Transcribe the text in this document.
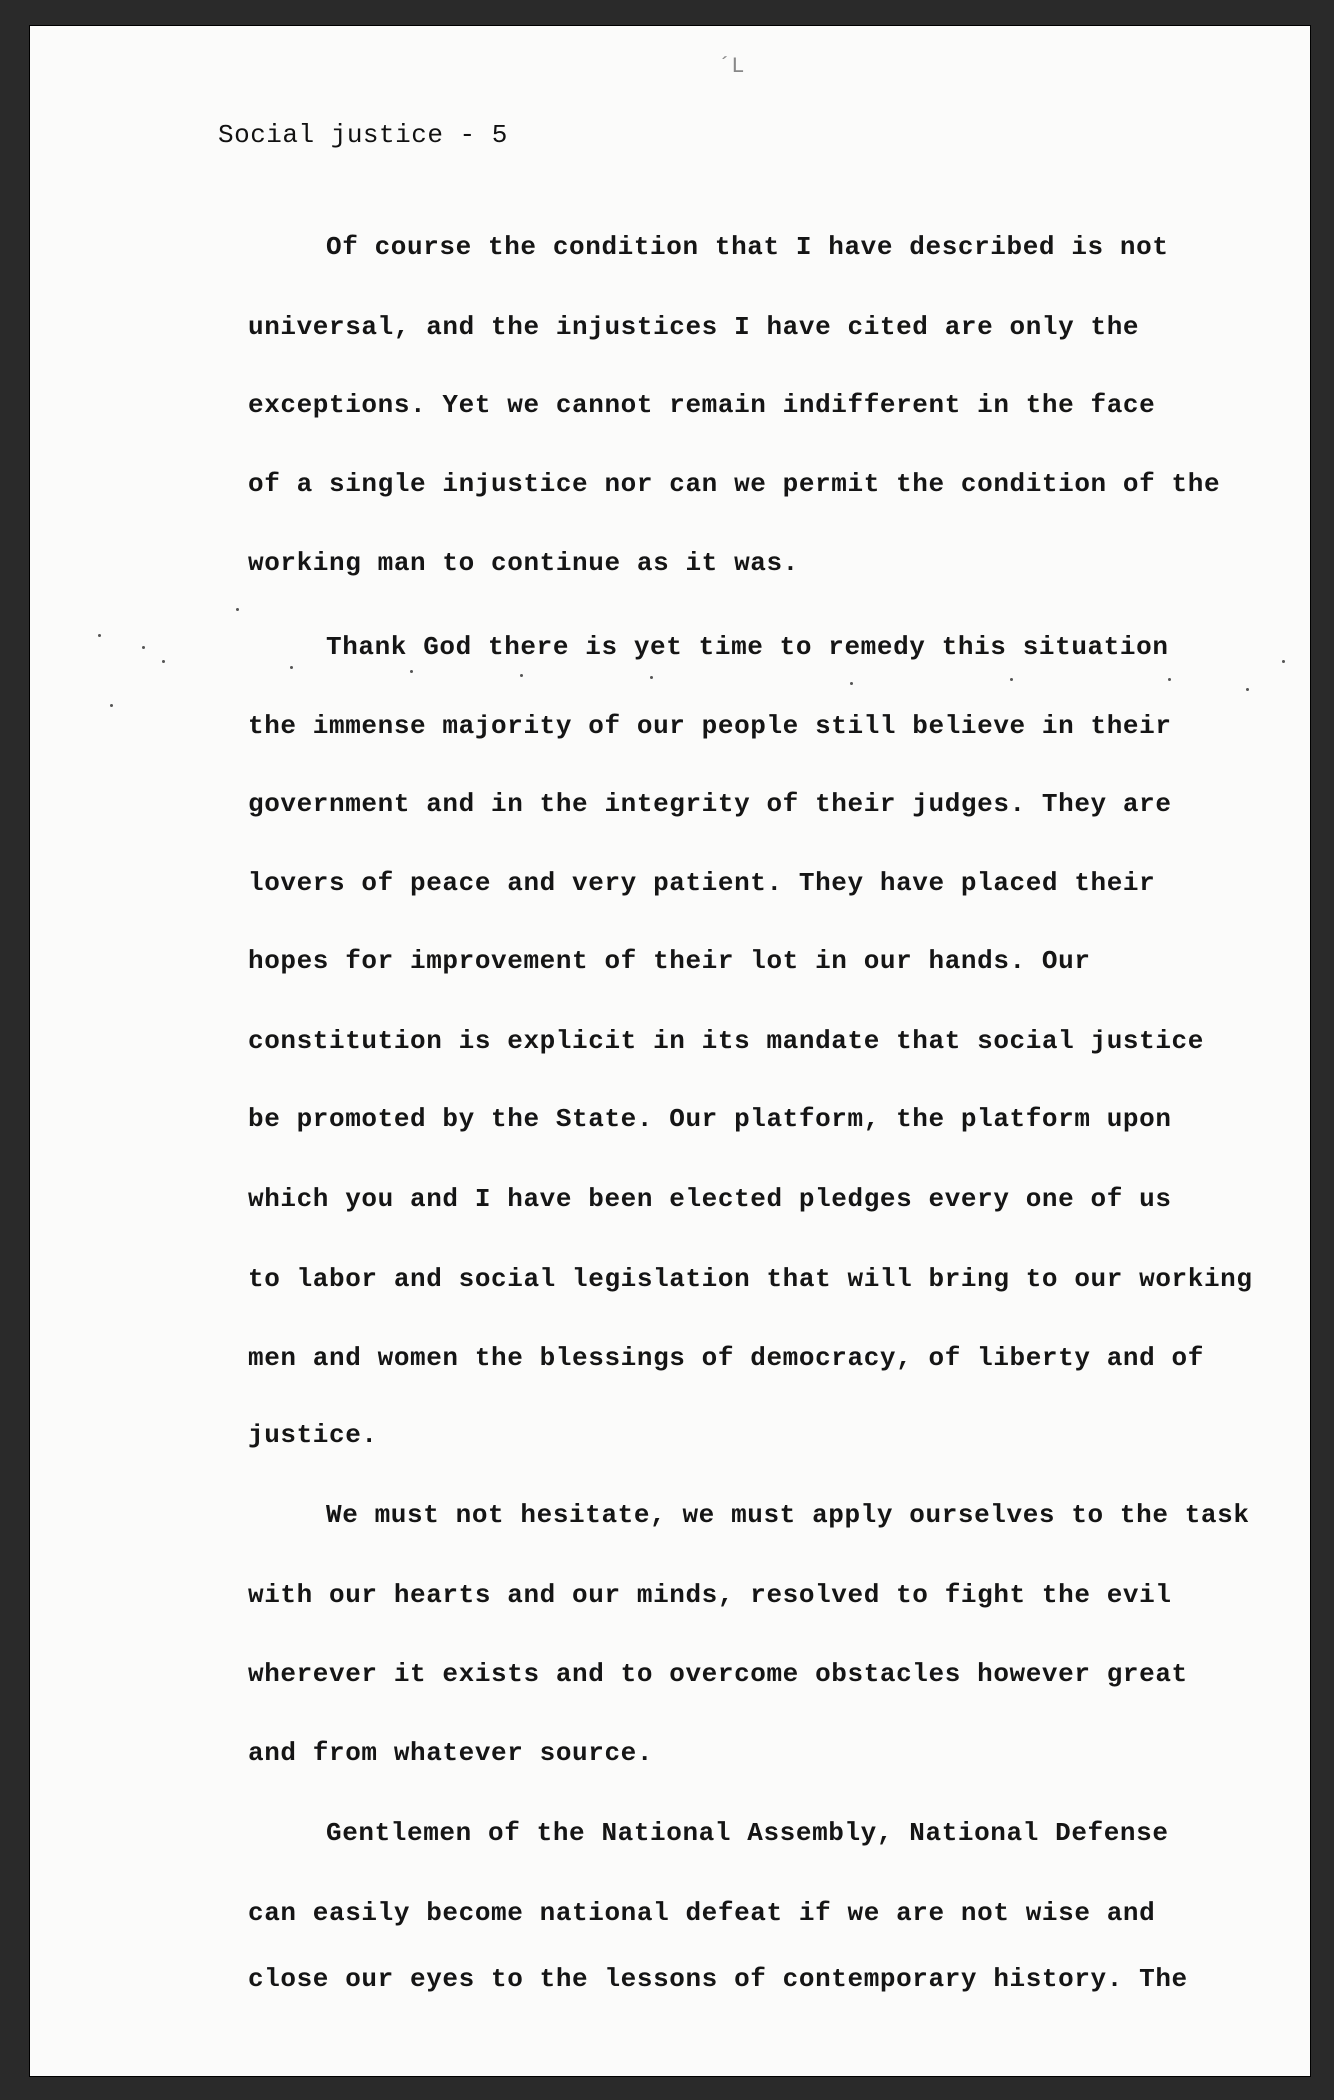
´L
Social justice - 5
Of course the condition that I have described is not
universal, and the injustices I have cited are only the
exceptions. Yet we cannot remain indifferent in the face
of a single injustice nor can we permit the condition of the
working man to continue as it was.
Thank God there is yet time to remedy this situation
the immense majority of our people still believe in their
government and in the integrity of their judges. They are
lovers of peace and very patient. They have placed their
hopes for improvement of their lot in our hands. Our
constitution is explicit in its mandate that social justice
be promoted by the State. Our platform, the platform upon
which you and I have been elected pledges every one of us
to labor and social legislation that will bring to our working
men and women the blessings of democracy, of liberty and of
justice.
We must not hesitate, we must apply ourselves to the task
with our hearts and our minds, resolved to fight the evil
wherever it exists and to overcome obstacles however great
and from whatever source.
Gentlemen of the National Assembly, National Defense
can easily become national defeat if we are not wise and
close our eyes to the lessons of contemporary history. The
